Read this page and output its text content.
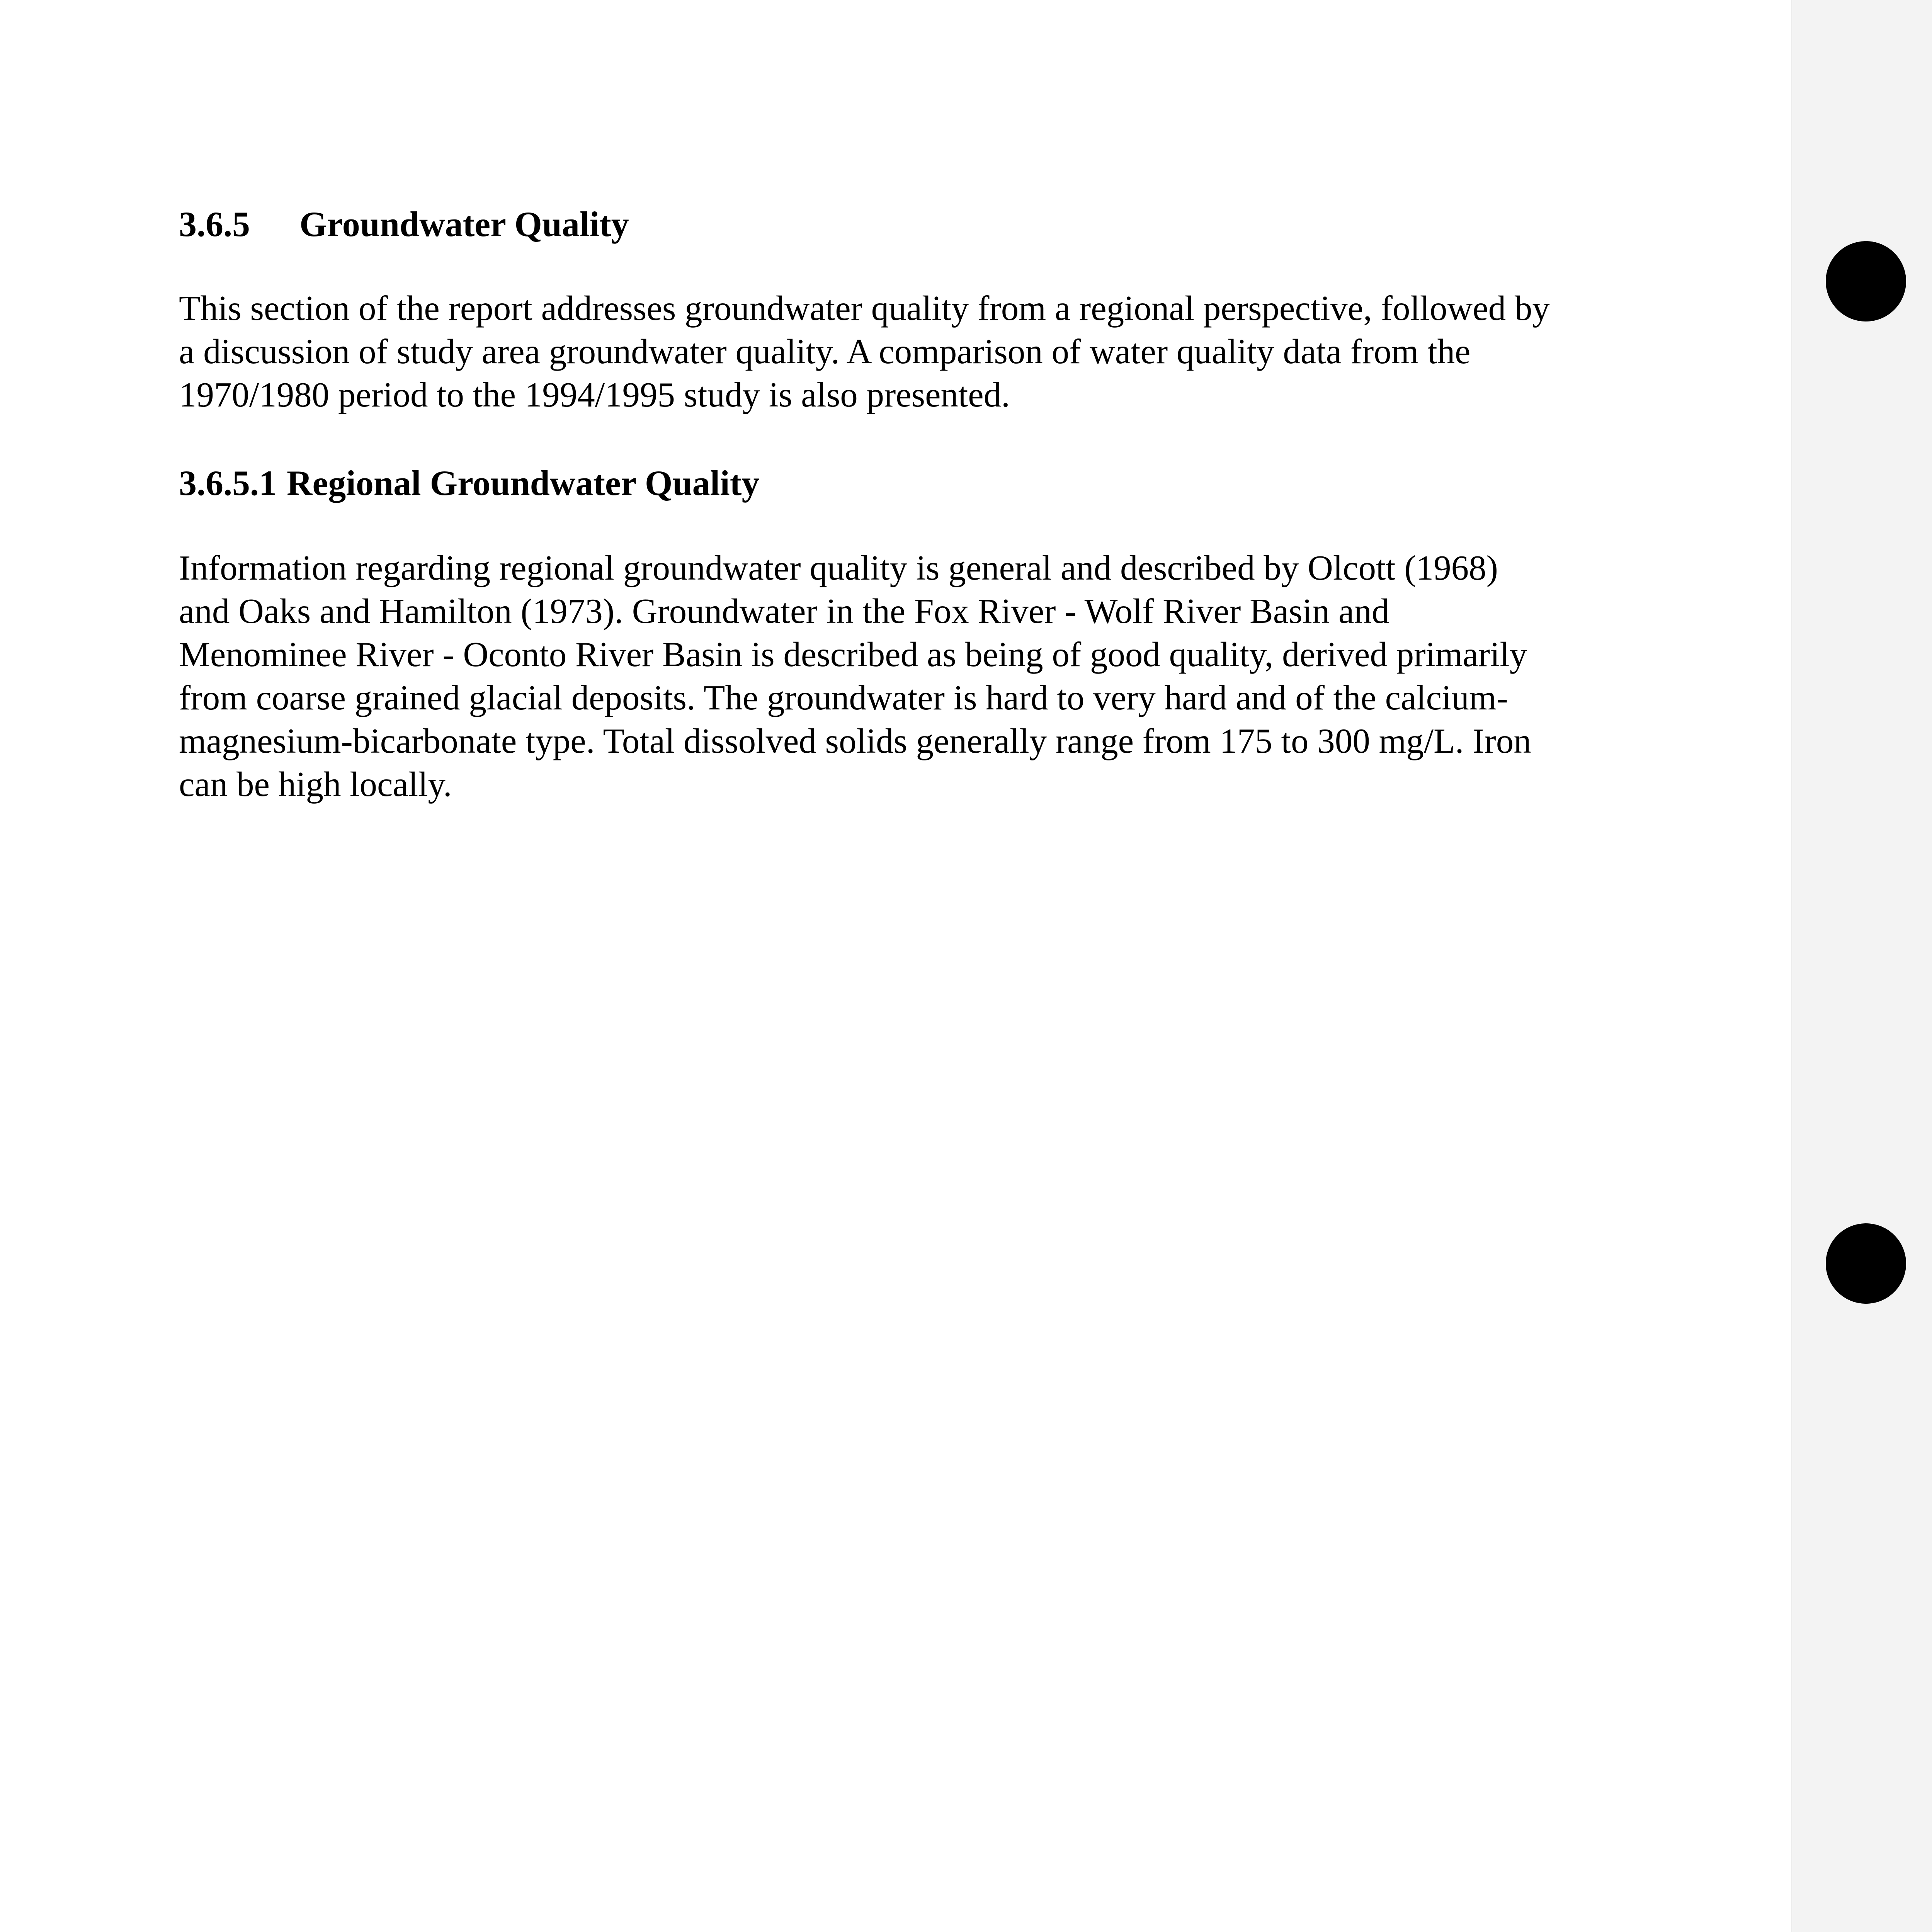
3.6.5 Groundwater Quality

This section of the report addresses groundwater quality from a regional perspective, followed by
a discussion of study area groundwater quality. A comparison of water quality data from the
1970/1980 period to the 1994/1995 study is also presented.

3.6.5.1 Regional Groundwater Quality

Information regarding regional groundwater quality is general and described by Olcott (1968)
and Oaks and Hamilton (1973). Groundwater in the Fox River - Wolf River Basin and
Menominee River - Oconto River Basin is described as being of good quality, derived primarily
from coarse grained glacial deposits. The groundwater is hard to very hard and of the calcium-
magnesium-bicarbonate type. Total dissolved solids generally range from 175 to 300 mg/L. Iron
can be high locally.
